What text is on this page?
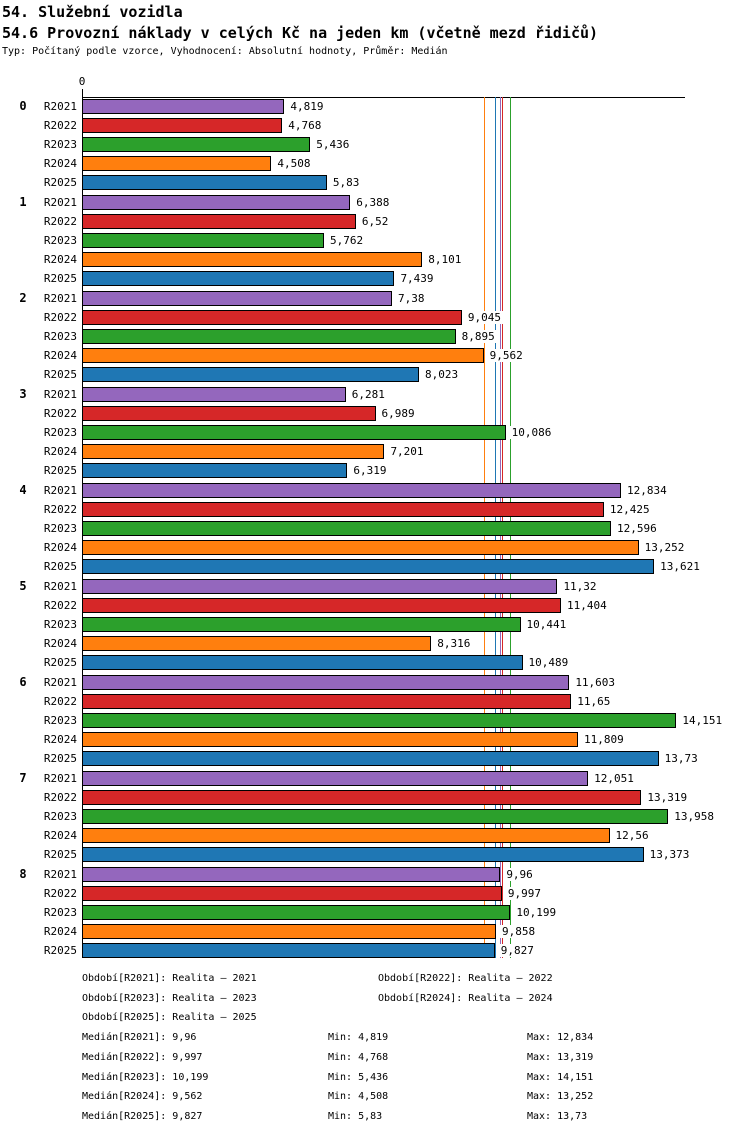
54. Služební vozidla
54.6 Provozní náklady v celých Kč na jeden km (včetně mezd řidičů)
Typ: Počítaný podle vzorce, Vyhodnocení: Absolutní hodnoty, Průměr: Medián
0
0	R2021	4,819
R2022	4,768
R2023	5,436
R2024	4,508
R2025	5,83
1	R2021	6,388
R2022	6,52
R2023	5,762
R2024	8,101
R2025	7,439
2	R2021	7,38
R2022	9,045
R2023	8,895
R2024	9,562
R2025	8,023
3	R2021	6,281
R2022	6,989
R2023	10,086
R2024	7,201
R2025	6,319
4	R2021	12,834
R2022	12,425
R2023	12,596
R2024	13,252
R2025	13,621
5	R2021	11,32
R2022	11,404
R2023	10,441
R2024	8,316
R2025	10,489
6	R2021	11,603
R2022	11,65
R2023	14,151
R2024	11,809
R2025	13,73
7	R2021	12,051
R2022	13,319
R2023	13,958
R2024	12,56
R2025	13,373
8	R2021	9,96
R2022	9,997
R2023	10,199
R2024	9,858
R2025	9,827
Období[R2021]: Realita – 2021	Období[R2022]: Realita – 2022
Období[R2023]: Realita – 2023	Období[R2024]: Realita – 2024
Období[R2025]: Realita – 2025
Medián[R2021]: 9,96	Min: 4,819	Max: 12,834
Medián[R2022]: 9,997	Min: 4,768	Max: 13,319
Medián[R2023]: 10,199	Min: 5,436	Max: 14,151
Medián[R2024]: 9,562	Min: 4,508	Max: 13,252
Medián[R2025]: 9,827	Min: 5,83	Max: 13,73
